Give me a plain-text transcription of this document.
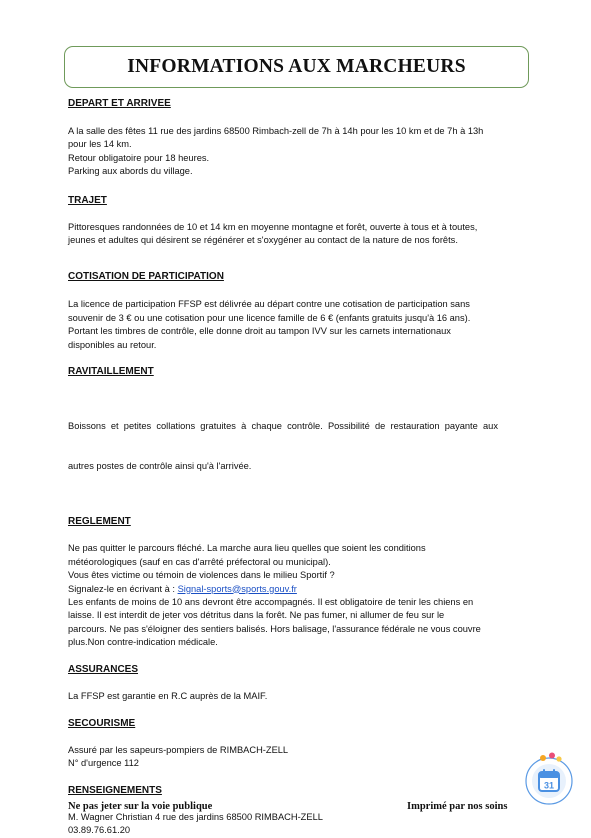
INFORMATIONS AUX MARCHEURS

DEPART ET ARRIVEE

A la salle des fêtes 11 rue des jardins 68500 Rimbach-zell de 7h à 14h pour les 10 km et de 7h à 13h

pour les 14 km.

Retour obligatoire pour 18 heures.

Parking aux abords du village.

TRAJET

Pittoresques randonnées de 10 et 14 km en moyenne montagne et forêt, ouverte à tous et à toutes,

jeunes et adultes qui désirent se régénérer et s'oxygéner au contact de la nature de nos forêts.

COTISATION DE PARTICIPATION

La licence de participation FFSP est délivrée au départ contre une cotisation de participation sans

souvenir de 3 € ou une cotisation pour une licence famille de 6 € (enfants gratuits jusqu'à 16 ans).

Portant les timbres de contrôle, elle donne droit au tampon IVV sur les carnets internationaux

disponibles au retour.

RAVITAILLEMENT

Boissons  et  petites  collations  gratuites  à  chaque  contrôle.  Possibilité  de  restauration  payante  aux

autres postes de contrôle ainsi qu'à l'arrivée.

REGLEMENT

Ne pas quitter le parcours fléché. La marche aura lieu quelles que soient les conditions

météorologiques (sauf en cas d'arrêté préfectoral ou municipal).

Vous êtes victime ou témoin de violences dans le milieu Sportif ?

Signalez-le en écrivant à : Signal-sports@sports.gouv.fr

Les enfants de moins de 10 ans devront être accompagnés. Il est obligatoire de tenir les chiens en

laisse. Il est interdit de jeter vos détritus dans la forêt. Ne pas fumer, ni allumer de feu sur le

parcours. Ne pas s'éloigner des sentiers balisés. Hors balisage, l'assurance fédérale ne vous couvre

plus.Non contre-indication médicale.

ASSURANCES

La FFSP est garantie en R.C auprès de la MAIF.

SECOURISME

Assuré par les sapeurs-pompiers de RIMBACH-ZELL

N° d'urgence 112

RENSEIGNEMENTS

M. Wagner Christian 4 rue des jardins 68500 RIMBACH-ZELL

03.89.76.61.20

Ne pas jeter sur la voie publique	Imprimé par nos soins
31
